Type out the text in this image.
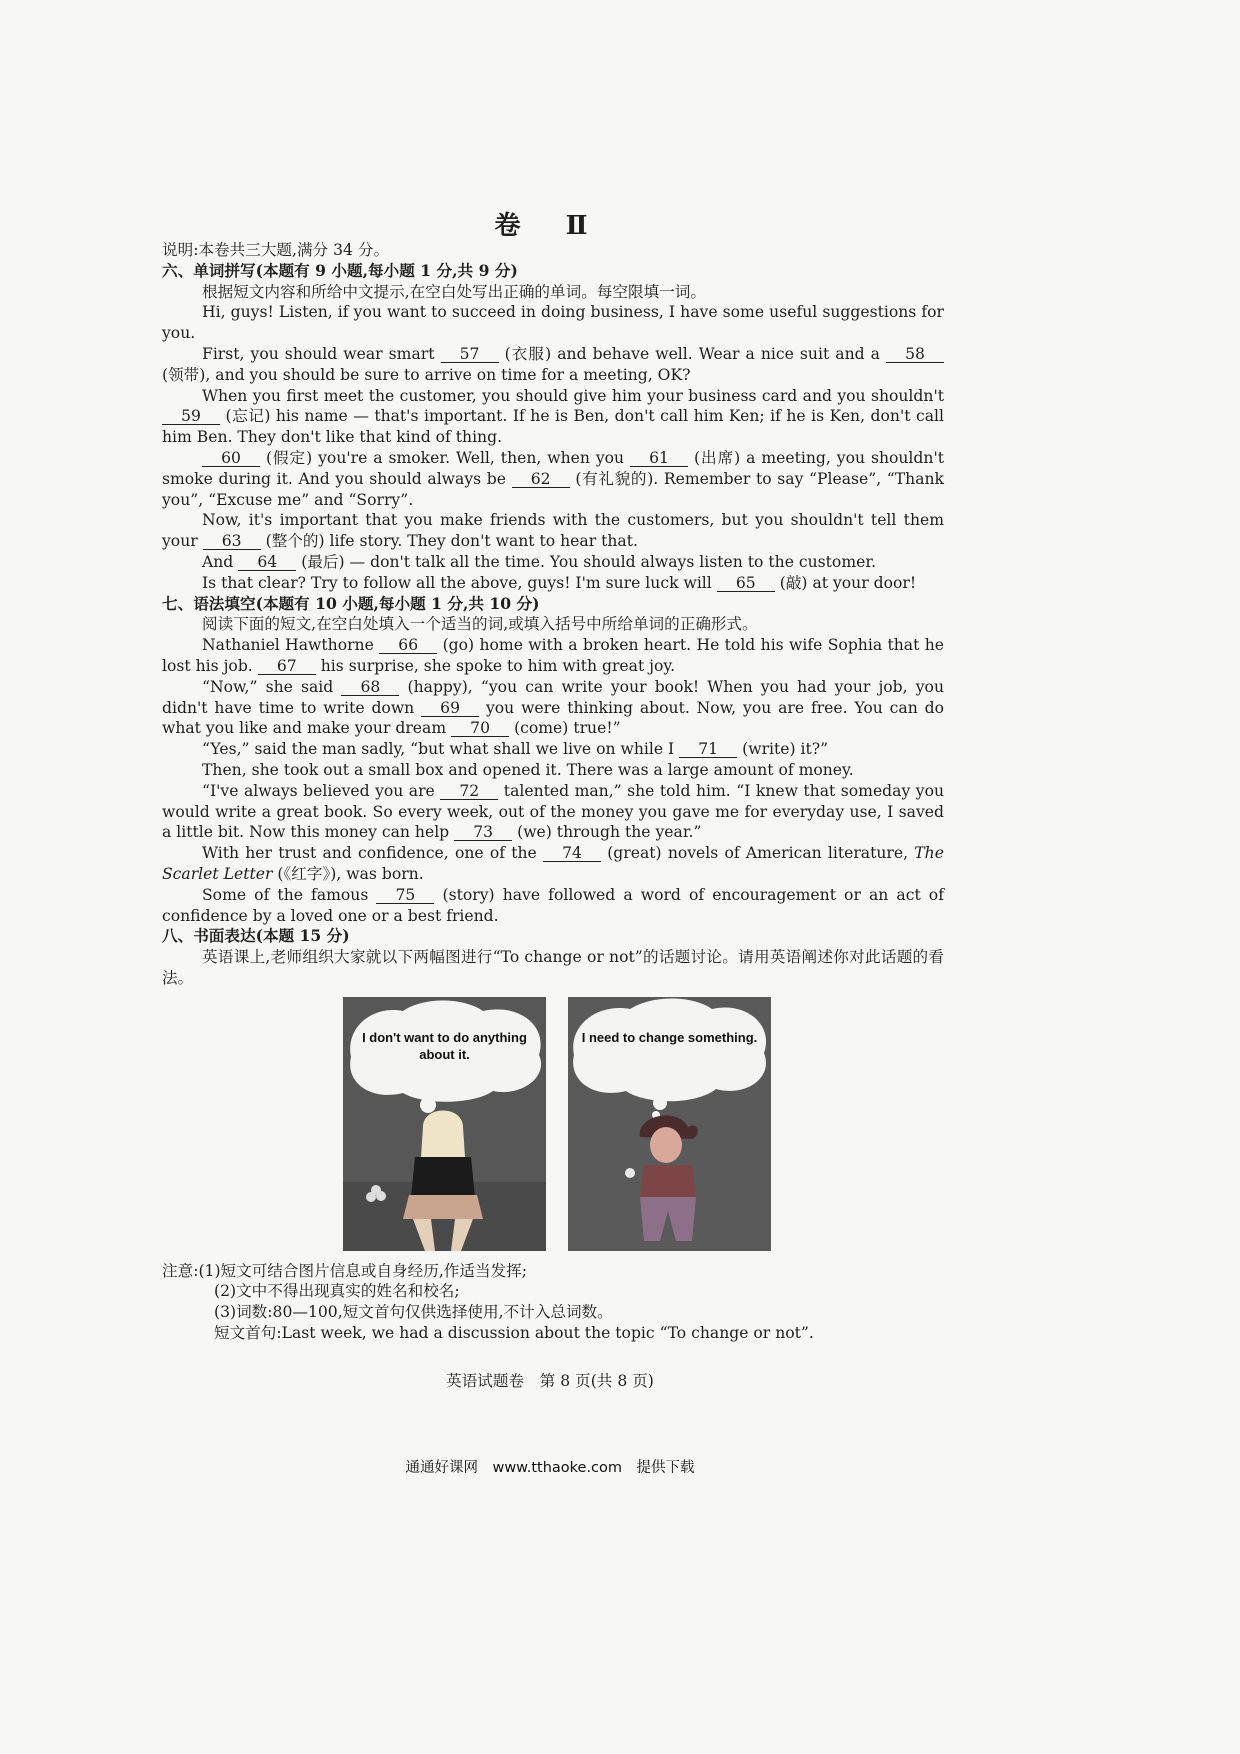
卷 Ⅱ

说明:本卷共三大题,满分 34 分。

六、单词拼写(本题有 9 小题,每小题 1 分,共 9 分)

根据短文内容和所给中文提示,在空白处写出正确的单词。每空限填一词。

Hi, guys! Listen, if you want to succeed in doing business, I have some useful suggestions for you.

First, you should wear smart 57 (衣服) and behave well. Wear a nice suit and a 58 (领带), and you should be sure to arrive on time for a meeting, OK?

When you first meet the customer, you should give him your business card and you shouldn't 59 (忘记) his name — that's important. If he is Ben, don't call him Ken; if he is Ken, don't call him Ben. They don't like that kind of thing.

60 (假定) you're a smoker. Well, then, when you 61 (出席) a meeting, you shouldn't smoke during it. And you should always be 62 (有礼貌的). Remember to say “Please”, “Thank you”, “Excuse me” and “Sorry”.

Now, it's important that you make friends with the customers, but you shouldn't tell them your 63 (整个的) life story. They don't want to hear that.

And 64 (最后) — don't talk all the time. You should always listen to the customer.

Is that clear? Try to follow all the above, guys! I'm sure luck will 65 (敲) at your door!

七、语法填空(本题有 10 小题,每小题 1 分,共 10 分)

阅读下面的短文,在空白处填入一个适当的词,或填入括号中所给单词的正确形式。

Nathaniel Hawthorne 66 (go) home with a broken heart. He told his wife Sophia that he lost his job. 67 his surprise, she spoke to him with great joy.

“Now,” she said 68 (happy), “you can write your book! When you had your job, you didn't have time to write down 69 you were thinking about. Now, you are free. You can do what you like and make your dream 70 (come) true!”

“Yes,” said the man sadly, “but what shall we live on while I 71 (write) it?”

Then, she took out a small box and opened it. There was a large amount of money.

“I've always believed you are 72 talented man,” she told him. “I knew that someday you would write a great book. So every week, out of the money you gave me for everyday use, I saved a little bit. Now this money can help 73 (we) through the year.”

With her trust and confidence, one of the 74 (great) novels of American literature, The Scarlet Letter (《红字》), was born.

Some of the famous 75 (story) have followed a word of encouragement or an act of confidence by a loved one or a best friend.

八、书面表达(本题 15 分)

英语课上,老师组织大家就以下两幅图进行“To change or not”的话题讨论。请用英语阐述你对此话题的看法。

I don't want to do anything about it.
I need to change something.

注意:(1)短文可结合图片信息或自身经历,作适当发挥;

(2)文中不得出现真实的姓名和校名;

(3)词数:80—100,短文首句仅供选择使用,不计入总词数。

短文首句:Last week, we had a discussion about the topic “To change or not”.

英语试题卷　第 8 页(共 8 页)
通通好课网　www.tthaoke.com　提供下载
